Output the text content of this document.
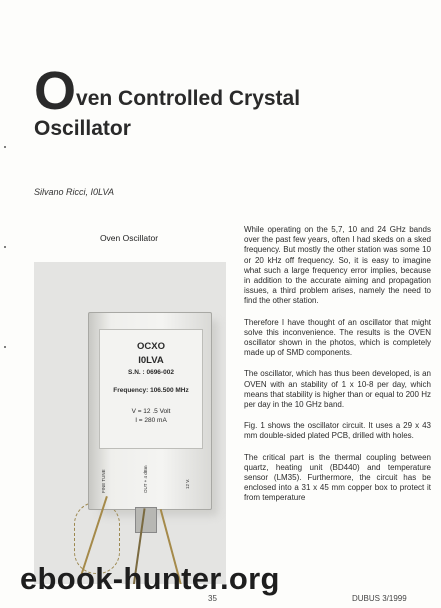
O ven Controlled Crystal
Oscillator
Silvano Ricci, I0LVA
Oven Oscillator
OCXO
I0LVA
S.N. : 0696-002
Frequency: 106.500 MHz
V = 12 .5 Volt
I = 280 mA
FINE TUNE	OUT + 4 dBm	12 V.

While operating on the 5,7, 10 and 24 GHz bands over the past few years, often I had skeds on a sked frequency. But mostly the other station was some 10 or 20 kHz off frequency. So, it is easy to imagine what such a large frequency error implies, because in addition to the accurate aiming and propagation issues, a third problem arises, namely the need to find the other station.

Therefore I have thought of an oscillator that might solve this inconvenience. The results is the OVEN oscillator shown in the photos, which is completely made up of SMD components.

The oscillator, which has thus been developed, is an OVEN with an stability of 1 x 10-8 per day, which means that stability is higher than or equal to 200 Hz per day in the 10 GHz band.

Fig. 1 shows the oscillator circuit. It uses a 29 x 43 mm double-sided plated PCB, drilled with holes.

The critical part is the thermal coupling between quartz, heating unit (BD440) and temperature sensor (LM35). Furthermore, the circuit has be enclosed into a 31 x 45 mm copper box to protect it from temperature

35	DUBUS 3/1999
ebook-hunter.org
